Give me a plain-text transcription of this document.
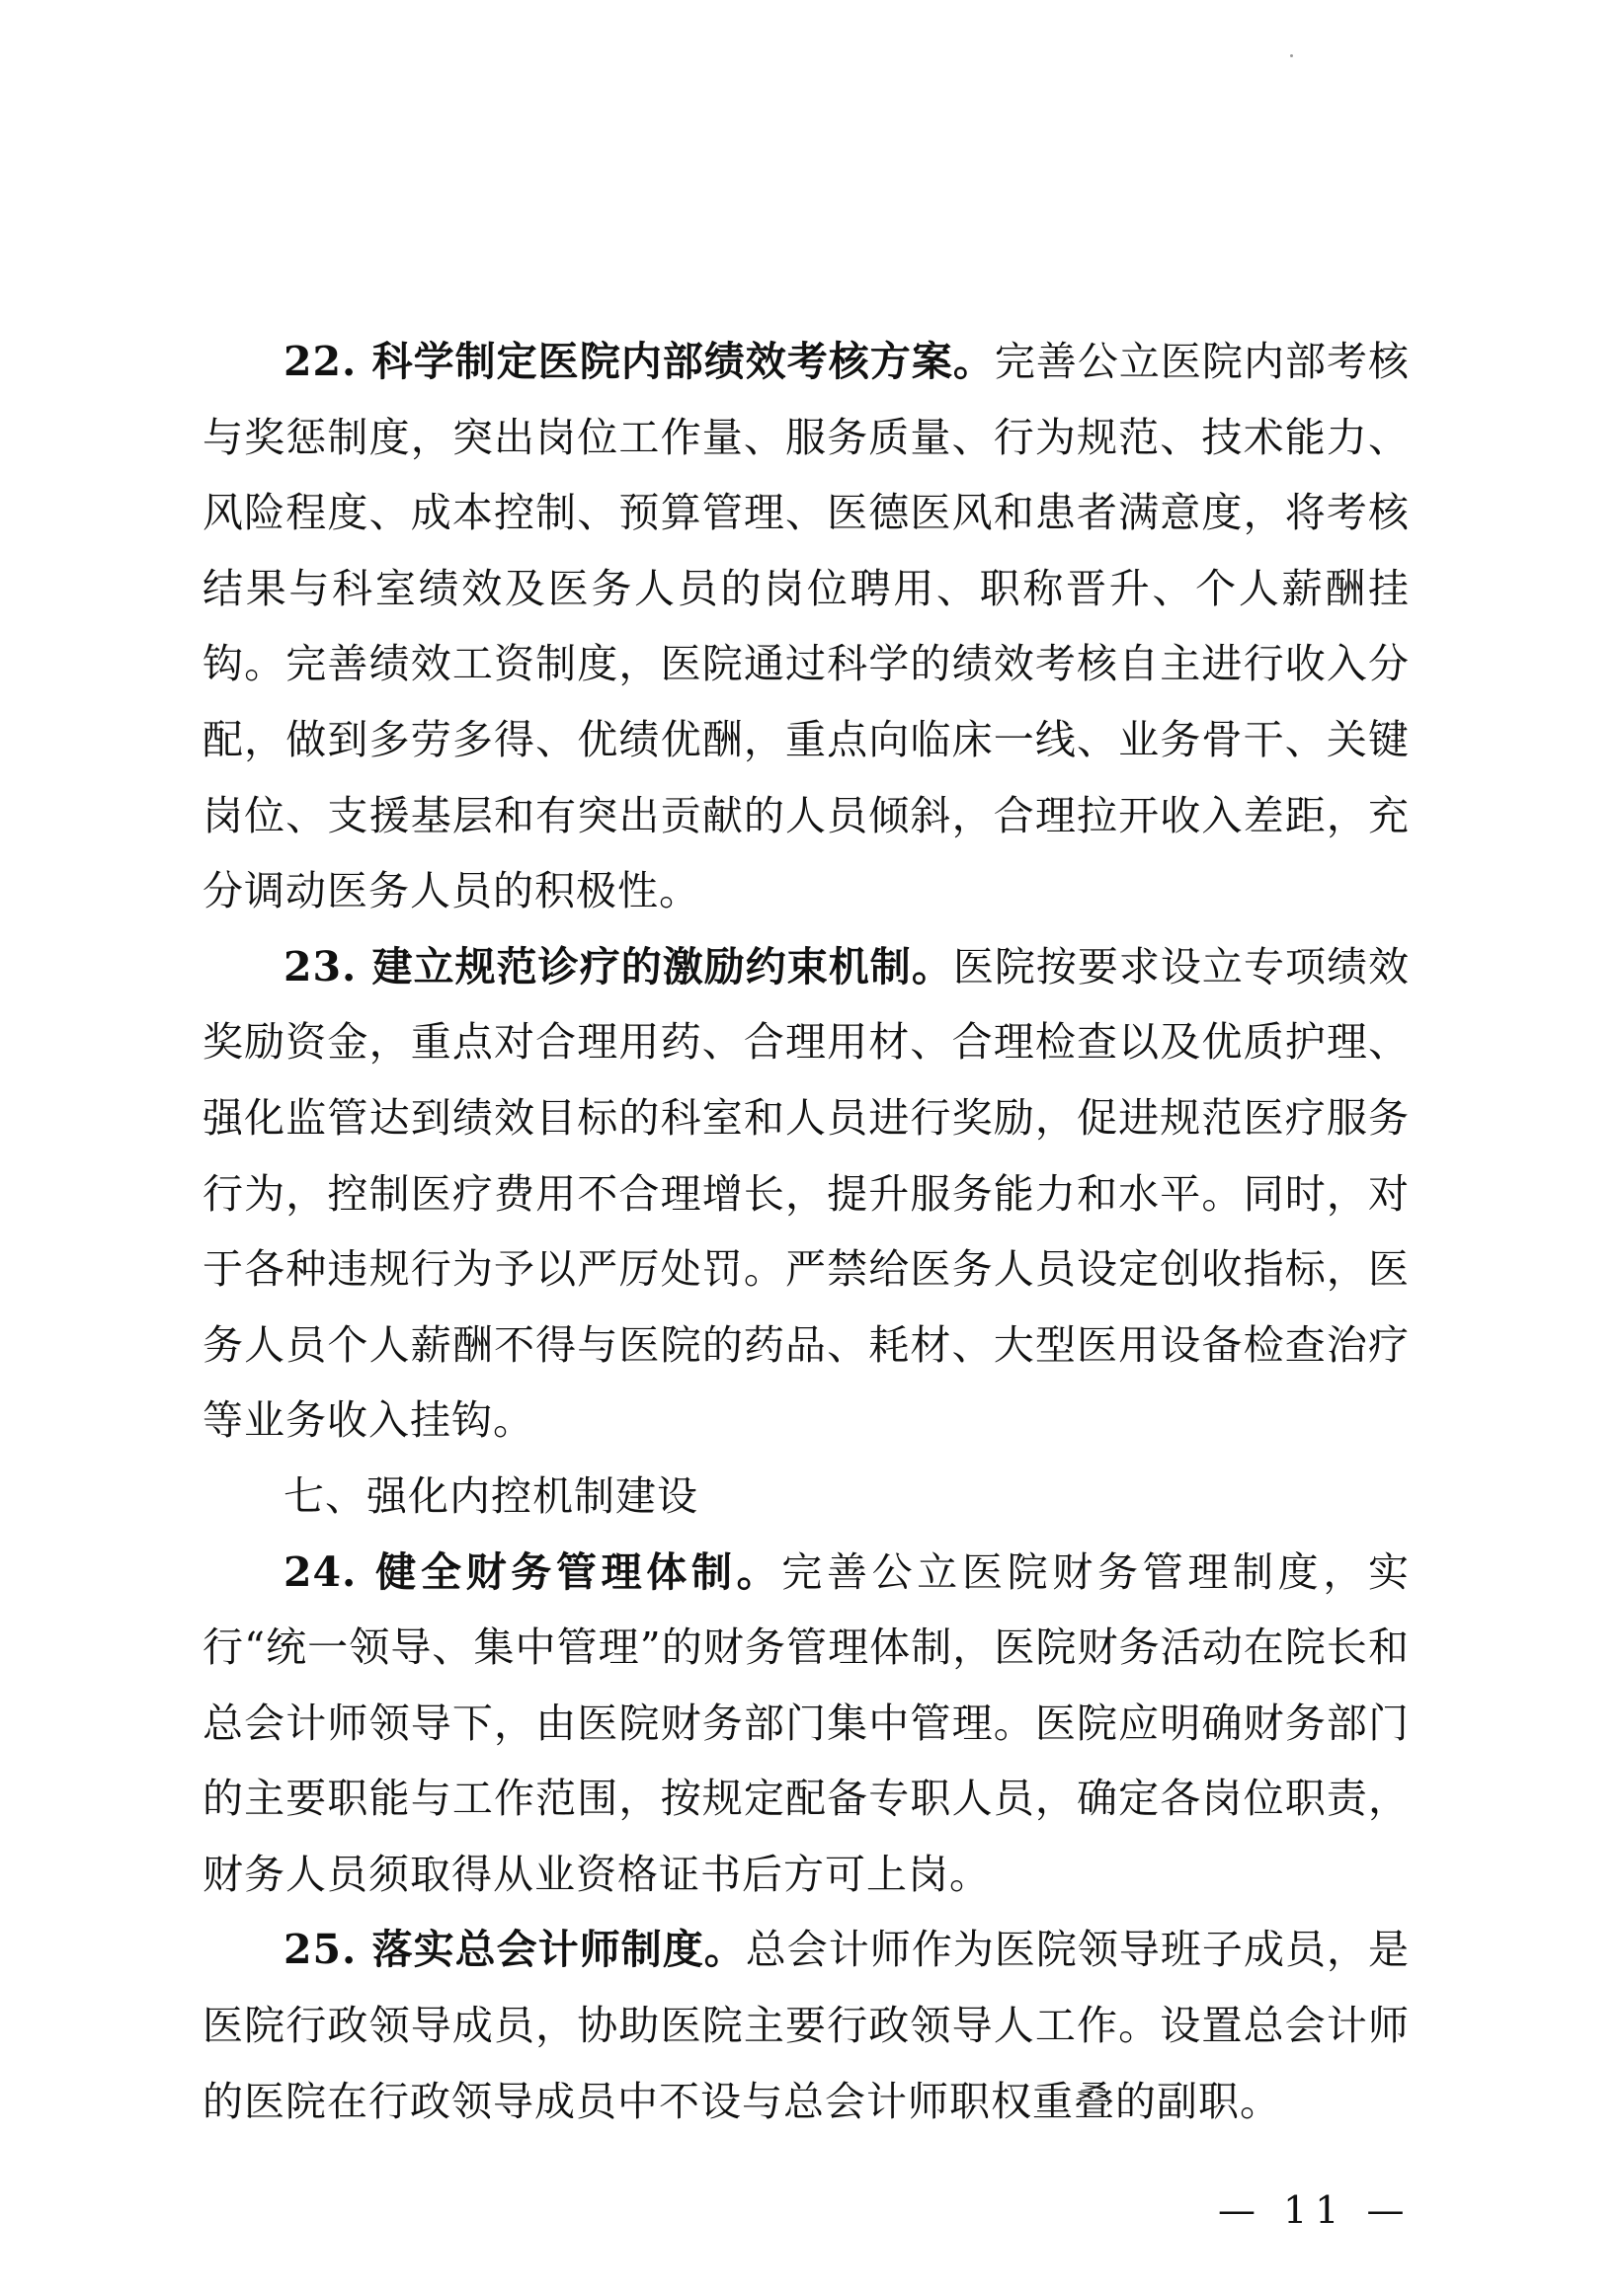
22. 科学制定医院内部绩效考核方案。完善公立医院内部考核与奖惩制度，突出岗位工作量、服务质量、行为规范、技术能力、风险程度、成本控制、预算管理、医德医风和患者满意度，将考核结果与科室绩效及医务人员的岗位聘用、职称晋升、个人薪酬挂钩。完善绩效工资制度，医院通过科学的绩效考核自主进行收入分配，做到多劳多得、优绩优酬，重点向临床一线、业务骨干、关键岗位、支援基层和有突出贡献的人员倾斜，合理拉开收入差距，充分调动医务人员的积极性。

23. 建立规范诊疗的激励约束机制。医院按要求设立专项绩效奖励资金，重点对合理用药、合理用材、合理检查以及优质护理、强化监管达到绩效目标的科室和人员进行奖励，促进规范医疗服务行为，控制医疗费用不合理增长，提升服务能力和水平。同时，对于各种违规行为予以严厉处罚。严禁给医务人员设定创收指标，医务人员个人薪酬不得与医院的药品、耗材、大型医用设备检查治疗等业务收入挂钩。

七、强化内控机制建设

24. 健全财务管理体制。完善公立医院财务管理制度，实行“统一领导、集中管理”的财务管理体制，医院财务活动在院长和总会计师领导下，由医院财务部门集中管理。医院应明确财务部门的主要职能与工作范围，按规定配备专职人员，确定各岗位职责，财务人员须取得从业资格证书后方可上岗。

25. 落实总会计师制度。总会计师作为医院领导班子成员，是医院行政领导成员，协助医院主要行政领导人工作。设置总会计师的医院在行政领导成员中不设与总会计师职权重叠的副职。

— 11 —
